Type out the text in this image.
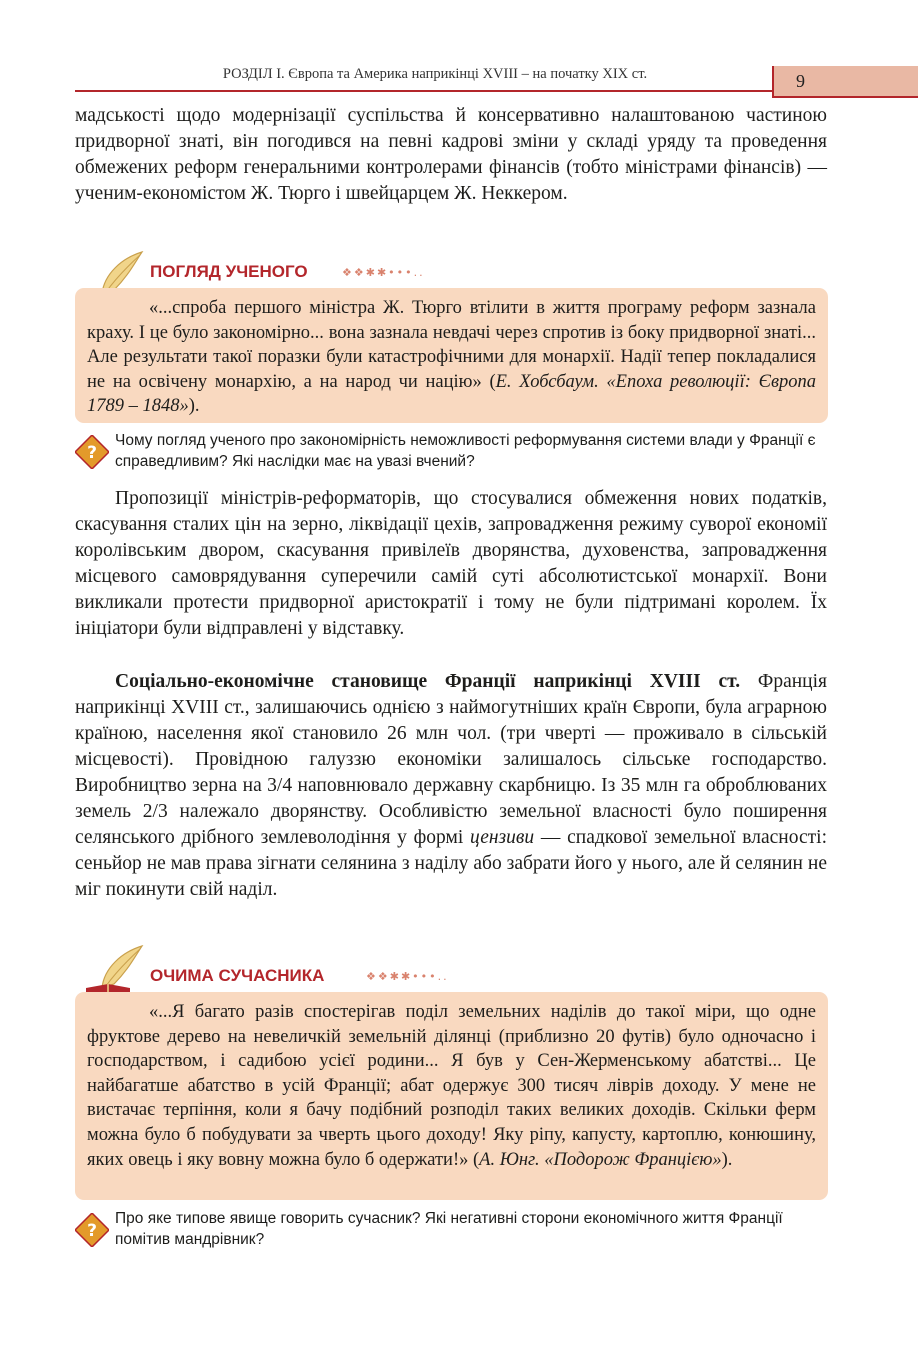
РОЗДІЛ І. Європа та Америка наприкінці ХVІІІ – на початку ХІХ ст.	9

мадськості щодо модернізації суспільства й консервативно налаштованою частиною придворної знаті, він погодився на певні кадрові зміни у складі уряду та проведення обмежених реформ генеральними контролерами фінансів (тобто міністрами фінансів) — ученим-економістом Ж. Тюрго і швейцарцем Ж. Неккером.

ПОГЛЯД УЧЕНОГО	❖❖✱✱•••..

«...спроба першого міністра Ж. Тюрго втілити в життя програму реформ зазнала краху. І це було закономірно... вона зазнала невдачі через спротив із боку придворної знаті... Але результати такої поразки були катастрофічними для монархії. Надії тепер покладалися не на освічену монархію, а на народ чи націю» (Е. Хобсбаум. «Епоха революції: Європа 1789 – 1848»).

?

Чому погляд ученого про закономірність неможливості реформування системи влади у Франції є справедливим? Які наслідки має на увазі вчений?

Пропозиції міністрів-реформаторів, що стосувалися обмеження нових податків, скасування сталих цін на зерно, ліквідації цехів, запровадження режиму суворої економії королівським двором, скасування привілеїв дворянства, духовенства, запровадження місцевого самоврядування суперечили самій суті абсолютистської монархії. Вони викликали протести придворної аристократії і тому не були підтримані королем. Їх ініціатори були відправлені у відставку.

Соціально-економічне становище Франції наприкінці XVIII ст. Франція наприкінці XVIII ст., залишаючись однією з наймогутніших країн Європи, була аграрною країною, населення якої становило 26 млн чол. (три чверті — проживало в сільській місцевості). Провідною галуззю економіки залишалось сільське господарство. Виробництво зерна на 3/4 наповнювало державну скарбницю. Із 35 млн га оброблюваних земель 2/3 належало дворянству. Особливістю земельної власності було поширення селянського дрібного землеволодіння у формі цензиви — спадкової земельної власності: сеньйор не мав права зігнати селянина з наділу або забрати його у нього, але й селянин не міг покинути свій наділ.

ОЧИМА СУЧАСНИКА	❖❖✱✱•••..

«...Я багато разів спостерігав поділ земельних наділів до такої міри, що одне фруктове дерево на невеличкій земельній ділянці (приблизно 20 футів) було одночасно і господарством, і садибою усієї родини... Я був у Сен-Жерменському абатстві... Це найбагатше абатство в усій Франції; абат одержує 300 тисяч ліврів доходу. У мене не вистачає терпіння, коли я бачу подібний розподіл таких великих доходів. Скільки ферм можна було б побудувати за чверть цього доходу! Яку ріпу, капусту, картоплю, конюшину, яких овець і яку вовну можна було б одержати!» (А. Юнг. «Подорож Францією»).

?

Про яке типове явище говорить сучасник? Які негативні сторони економічного життя Франції помітив мандрівник?
